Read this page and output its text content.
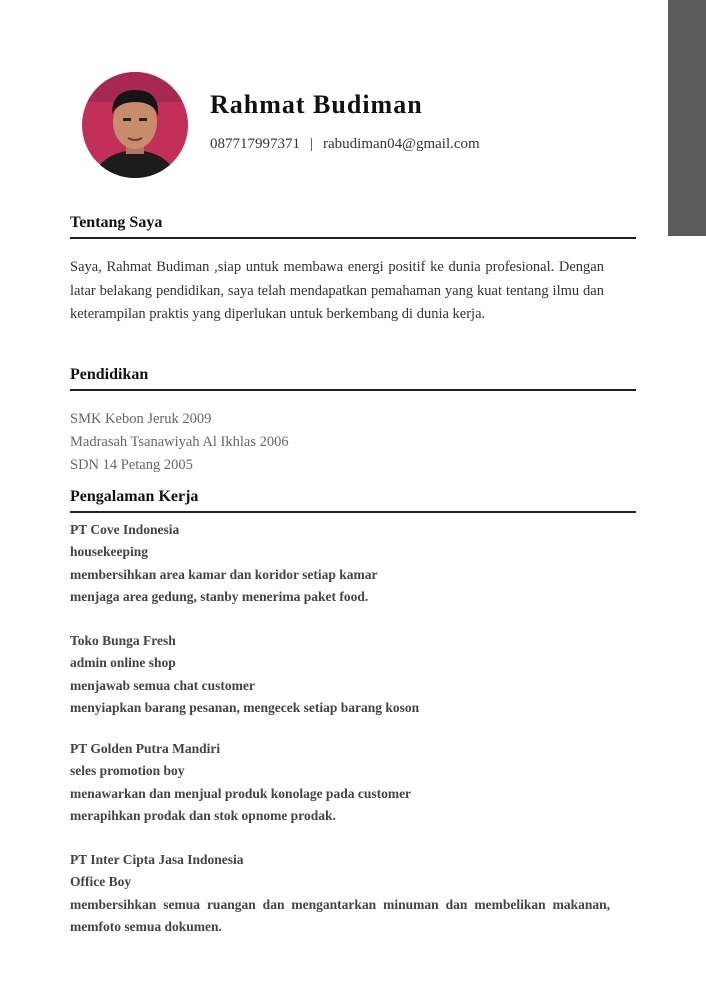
Rahmat Budiman
087717997371 | rabudiman04@gmail.com
Tentang Saya

Saya, Rahmat Budiman ,siap untuk membawa energi positif ke dunia profesional. Dengan latar belakang pendidikan, saya telah mendapatkan pemahaman yang kuat tentang ilmu dan keterampilan praktis yang diperlukan untuk berkembang di dunia kerja.

Pendidikan
SMK Kebon Jeruk 2009
Madrasah Tsanawiyah Al Ikhlas 2006
SDN 14 Petang 2005
Pengalaman Kerja
PT Cove Indonesia
housekeeping
membersihkan area kamar dan koridor setiap kamar
menjaga area gedung, stanby menerima paket food.
Toko Bunga Fresh
admin online shop
menjawab semua chat customer
menyiapkan barang pesanan, mengecek setiap barang koson
PT Golden Putra Mandiri
seles promotion boy
menawarkan dan menjual produk konolage pada customer
merapihkan prodak dan stok opnome prodak.
PT Inter Cipta Jasa Indonesia
Office Boy
membersihkan semua ruangan dan mengantarkan minuman dan membelikan makanan, memfoto semua dokumen.
